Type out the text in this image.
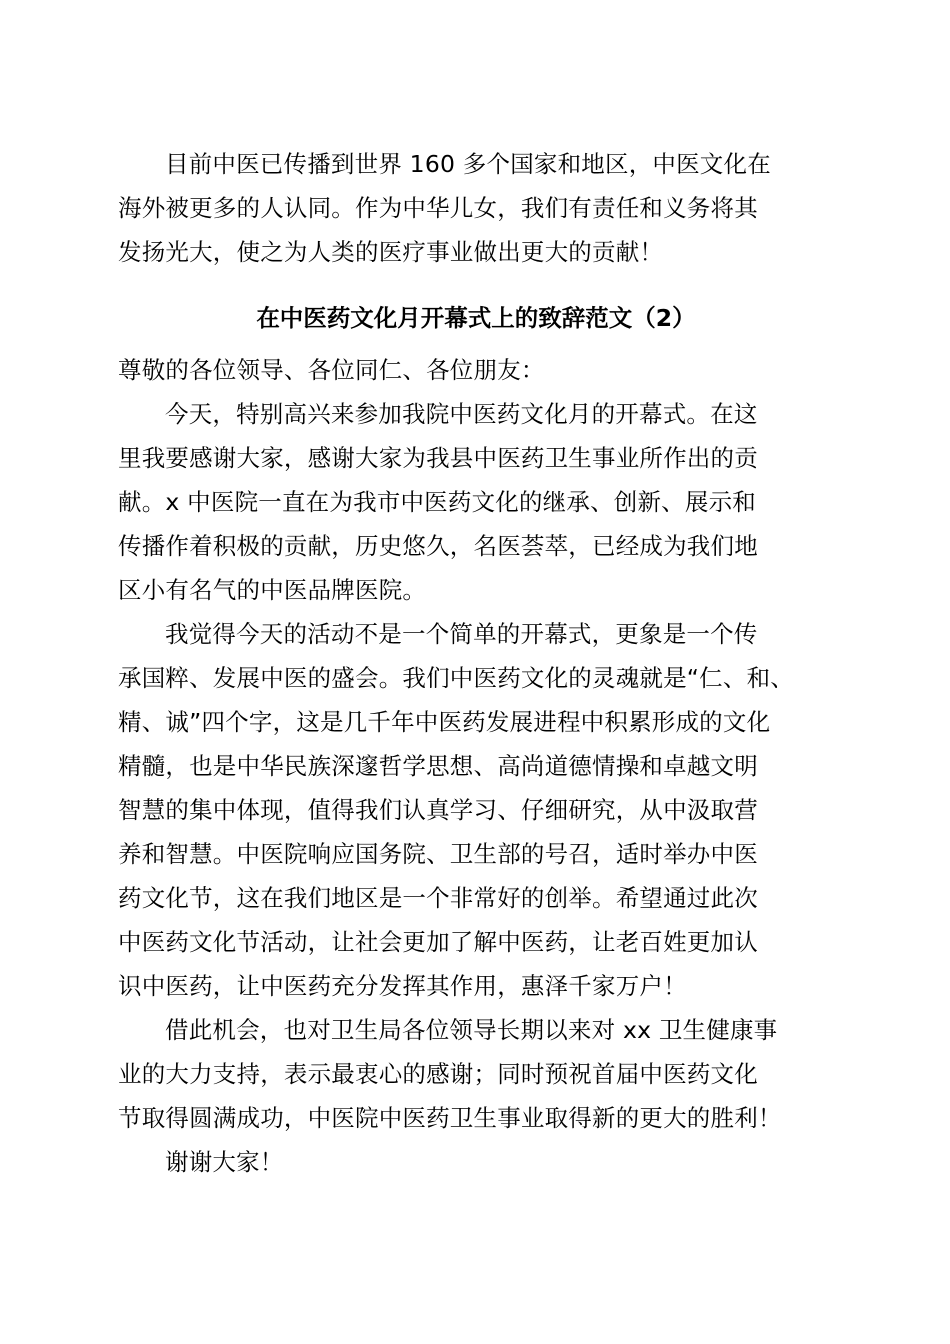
目前中医已传播到世界 160 多个国家和地区，中医文化在
海外被更多的人认同。作为中华儿女，我们有责任和义务将其
发扬光大，使之为人类的医疗事业做出更大的贡献！

在中医药文化月开幕式上的致辞范文（2）

尊敬的各位领导、各位同仁、各位朋友：

今天，特别高兴来参加我院中医药文化月的开幕式。在这
里我要感谢大家，感谢大家为我县中医药卫生事业所作出的贡
献。x 中医院一直在为我市中医药文化的继承、创新、展示和
传播作着积极的贡献，历史悠久，名医荟萃，已经成为我们地
区小有名气的中医品牌医院。

我觉得今天的活动不是一个简单的开幕式，更象是一个传
承国粹、发展中医的盛会。我们中医药文化的灵魂就是“仁、和、
精、诚”四个字，这是几千年中医药发展进程中积累形成的文化
精髓，也是中华民族深邃哲学思想、高尚道德情操和卓越文明
智慧的集中体现，值得我们认真学习、仔细研究，从中汲取营
养和智慧。中医院响应国务院、卫生部的号召，适时举办中医
药文化节，这在我们地区是一个非常好的创举。希望通过此次
中医药文化节活动，让社会更加了解中医药，让老百姓更加认
识中医药，让中医药充分发挥其作用，惠泽千家万户！

借此机会，也对卫生局各位领导长期以来对 xx 卫生健康事
业的大力支持，表示最衷心的感谢；同时预祝首届中医药文化
节取得圆满成功，中医院中医药卫生事业取得新的更大的胜利！

谢谢大家！
